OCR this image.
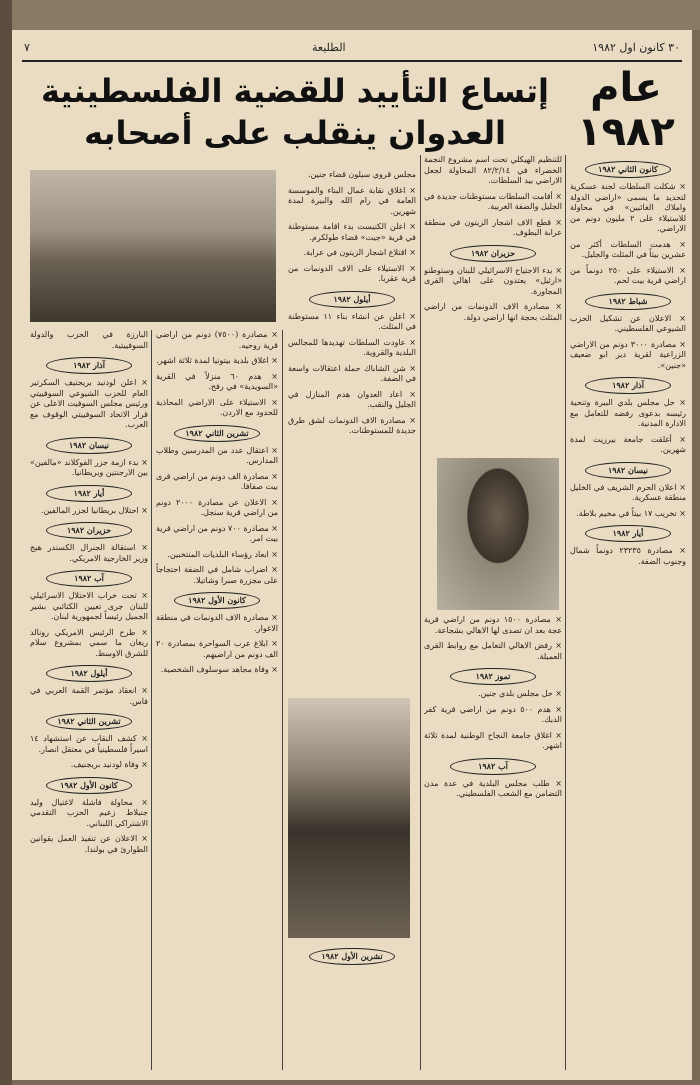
٧	الطليعة	٣٠ كانون اول ١٩٨٢
عام ١٩٨٢
إتساع التأييد للقضية الفلسطينية العدوان ينقلب على أصحابه
كانون الثاني ١٩٨٢

× شكلت السلطات لجنة عسكرية لتحديد ما يسمى «اراضي الدولة واملاك الغائبين» في محاولة للاستيلاء على ٢ مليون دونم من الاراضي.

× هدمت السلطات أكثر من عشرين بيتاً في المثلث والجليل.

× الاستيلاء على ٢٥٠ دونماً من اراضي قرية بيت لحم.

شباط ١٩٨٢

× الاعلان عن تشكيل الحزب الشيوعي الفلسطيني.

× مصادرة ٣٠٠٠ دونم من الاراضي الزراعية لقرية دير ابو ضعيف «جنين».

آذار ١٩٨٢

× حل مجلس بلدي البيرة وتنحية رئيسه بدعوى رفضه للتعامل مع الادارة المدنية.

× أغلقت جامعة بيرزيت لمدة شهرين.

نيسان ١٩٨٢

× اعلان الحرم الشريف في الخليل منطقة عسكرية.

× تخريب ١٧ بيتاً في مخيم بلاطة.

أيار ١٩٨٢

× مصادرة ٢٣٢٣٥ دونماً شمال وجنوب الضفة.

للتنظيم الهيكلي تحت اسم مشروع النجمة الخضراء في ٨٢/٢/١٤ المحاولة لجعل الاراضي بيد السلطات.

× أقامت السلطات مستوطنات جديدة في الجليل والضفة الغربية.

× قطع الاف اشجار الزيتون في منطقة عرابة البطوف.

حزيران ١٩٨٢

× بدء الاجتياح الاسرائيلي للبنان وستوطنو «ارئيل» يعتدون على اهالي القرى المجاورة.

× مصادرة الاف الدونمات من اراضي المثلث بحجة انها اراضي دولة.

× مصادرة ١٥٠٠ دونم من اراضي قرية عجة بعد ان تصدى لها الاهالي بشجاعة.

× رفض الاهالي التعامل مع روابط القرى العميلة.

تموز ١٩٨٢

× حل مجلس بلدي جنين.

× هدم ٥٠٠ دونم من اراضي قرية كفر الديك.

× اغلاق جامعة النجاح الوطنية لمدة ثلاثة اشهر.

آب ١٩٨٢

× طلب مجلس البلدية في عدة مدن التضامن مع الشعب الفلسطيني.

مجلس قروي سيلون قضاء جنين.

× اغلاق نقابة عمال البناء والموسسة العامة في رام الله والبيرة لمدة شهرين.

× اعلن الكنيست بدء اقامة مستوطنة في قرية «جيت» قضاء طولكرم.

× اقتلاع اشجار الزيتون في عرابة.

× الاستيلاء على الاف الدونمات من قرية عقربا.

أيلول ١٩٨٢

× اعلن عن انشاء بناء ١١ مستوطنة في المثلث.

× عاودت السلطات تهديدها للمجالس البلدية والقروية.

× شن الشاباك حملة اعتقالات واسعة في الضفة.

× اعاد العدوان هدم المنازل في الجليل والنقب.

× مصادرة الاف الدونمات لشق طرق جديدة للمستوطنات.

تشرين الأول ١٩٨٢

× مصادرة (٧٥٠٠) دونم من اراضي قرية روحيه.

× اغلاق بلدية بيتونيا لمدة ثلاثة اشهر.

× هدم ٦٠ منزلاً في القرية «السويدية» في رفح.

× الاستيلاء على الاراضي المحاذية للحدود مع الاردن.

تشرين الثاني ١٩٨٢

× اعتقال عدد من المدرسين وطلاب المدارس.

× مصادرة الف دونم من اراضي قرى بيت صفافا.

× الاعلان عن مصادرة ٢٠٠٠ دونم من اراضي قرية سنجل.

× مصادرة ٧٠٠ دونم من اراضي قرية بيت امر.

× ابعاد رؤساء البلديات المنتخبين.

× اضراب شامل في الضفة احتجاجاً على مجزرة صبرا وشاتيلا.

كانون الأول ١٩٨٢

× مصادرة الاف الدونمات في منطقة الاغوار.

× ابلاغ عرب السواحرة بمصادرة ٢٠ الف دونم من اراضيهم.

× وفاة مجاهد سوسلوف الشخصية.

البارزة في الحزب والدولة السوفييتية.

آذار ١٩٨٢

× اعلن لودنيد بريجنيف السكرتير العام للحزب الشيوعي السوفييتي ورئيس مجلس السوفيت الاعلى عن قرار الاتحاد السوفييتي الوقوف مع العرب.

نيسان ١٩٨٢

× بدء ازمة جزر الفوكلاند «مالفين» بين الارجنتين وبريطانيا.

أيار ١٩٨٢

× احتلال بريطانيا لجزر المالفين.

حزيران ١٩٨٢

× استقالة الجنرال الكسندر هيج وزير الخارجية الامريكي.

آب ١٩٨٢

× تحت خراب الاحتلال الاسرائيلي للبنان جرى تعيين الكتائبي بشير الجميل رئيساً لجمهورية لبنان.

× طرح الرئيس الامريكي رونالد ريغان ما سمي بمشروع سلام للشرق الاوسط.

أيلول ١٩٨٢

× انعقاد مؤتمر القمة العربي في فاس.

تشرين الثاني ١٩٨٢

× كشف النقاب عن استشهاد ١٤ اسيراً فلسطينياً في معتقل انصار.

× وفاة لودنيد بريجنيف.

كانون الأول ١٩٨٢

× محاولة فاشلة لاغتيال وليد جنبلاط زعيم الحزب التقدمي الاشتراكي اللبناني.

× الاعلان عن تنفيذ العمل بقوانين الطوارئ في بولندا.
